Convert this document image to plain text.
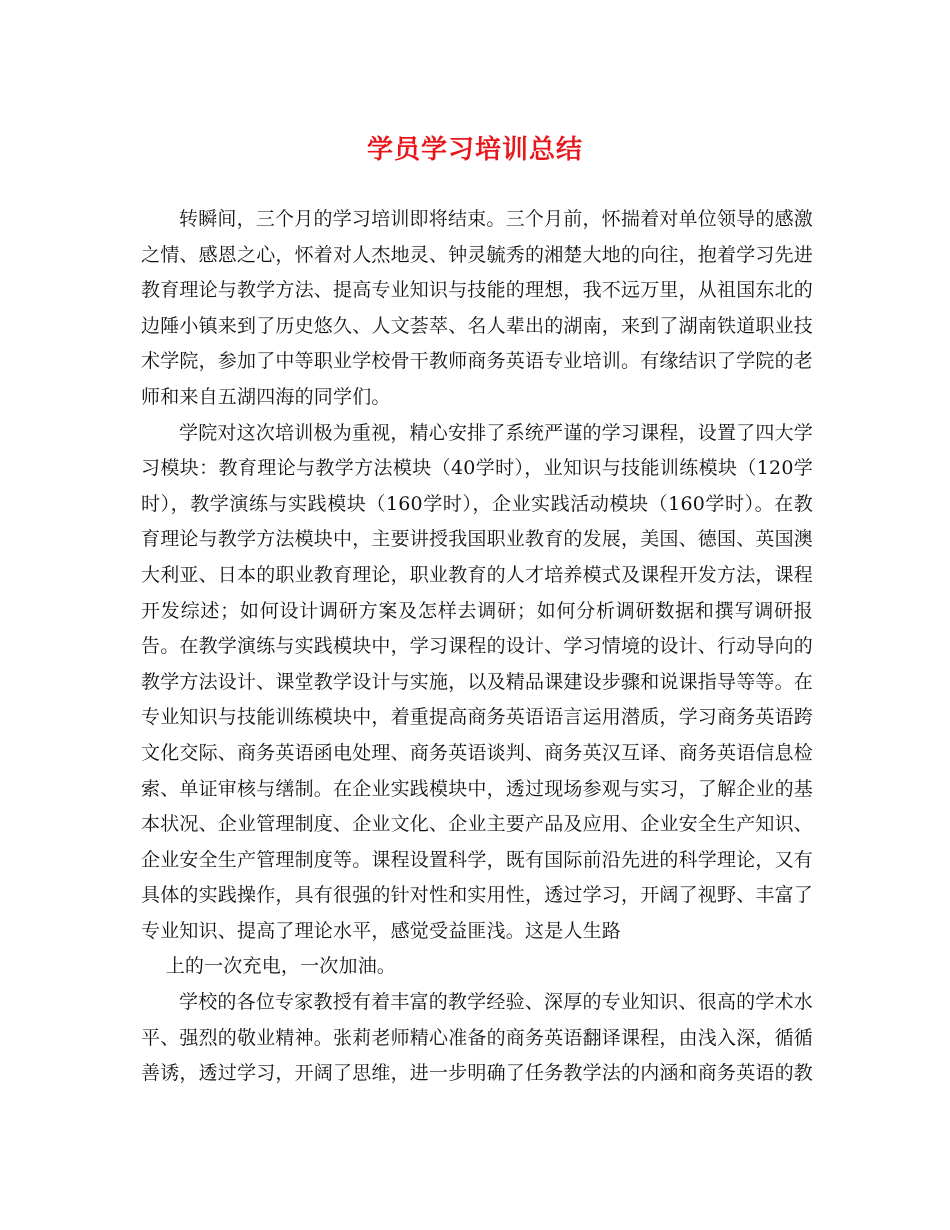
学员学习培训总结

转瞬间，三个月的学习培训即将结束。三个月前，怀揣着对单位领导的感激之情、感恩之心，怀着对人杰地灵、钟灵毓秀的湘楚大地的向往，抱着学习先进教育理论与教学方法、提高专业知识与技能的理想，我不远万里，从祖国东北的边陲小镇来到了历史悠久、人文荟萃、名人辈出的湖南，来到了湖南铁道职业技术学院，参加了中等职业学校骨干教师商务英语专业培训。有缘结识了学院的老师和来自五湖四海的同学们。

学院对这次培训极为重视，精心安排了系统严谨的学习课程，设置了四大学习模块：教育理论与教学方法模块（40学时），业知识与技能训练模块（120学时），教学演练与实践模块（160学时），企业实践活动模块（160学时）。在教育理论与教学方法模块中，主要讲授我国职业教育的发展，美国、德国、英国澳大利亚、日本的职业教育理论，职业教育的人才培养模式及课程开发方法，课程开发综述；如何设计调研方案及怎样去调研；如何分析调研数据和撰写调研报告。在教学演练与实践模块中，学习课程的设计、学习情境的设计、行动导向的教学方法设计、课堂教学设计与实施，以及精品课建设步骤和说课指导等等。在专业知识与技能训练模块中，着重提高商务英语语言运用潜质，学习商务英语跨文化交际、商务英语函电处理、商务英语谈判、商务英汉互译、商务英语信息检索、单证审核与缮制。在企业实践模块中，透过现场参观与实习，了解企业的基本状况、企业管理制度、企业文化、企业主要产品及应用、企业安全生产知识、企业安全生产管理制度等。课程设置科学，既有国际前沿先进的科学理论，又有具体的实践操作，具有很强的针对性和实用性，透过学习，开阔了视野、丰富了专业知识、提高了理论水平，感觉受益匪浅。这是人生路

上的一次充电，一次加油。

学校的各位专家教授有着丰富的教学经验、深厚的专业知识、很高的学术水平、强烈的敬业精神。张莉老师精心准备的商务英语翻译课程，由浅入深，循循善诱，透过学习，开阔了思维，进一步明确了任务教学法的内涵和商务英语的教
